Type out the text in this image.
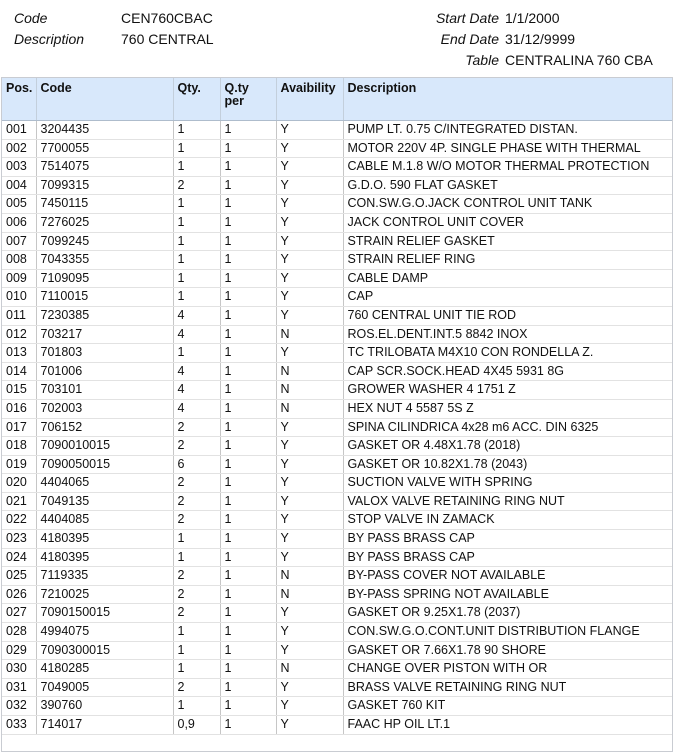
Code	CEN760CBAC
Description	760 CENTRAL
Start Date 1/1/2000
End Date 31/12/9999
Table CENTRALINA 760 CBA
Pos.	Code	Qty.	Q.ty per	Avaibility	Description
001	3204435	1	1	Y	PUMP LT. 0.75 C/INTEGRATED DISTAN.
002	7700055	1	1	Y	MOTOR 220V 4P. SINGLE PHASE WITH THERMAL
003	7514075	1	1	Y	CABLE M.1.8 W/O MOTOR THERMAL PROTECTION
004	7099315	2	1	Y	G.D.O. 590 FLAT GASKET
005	7450115	1	1	Y	CON.SW.G.O.JACK CONTROL UNIT TANK
006	7276025	1	1	Y	JACK CONTROL UNIT COVER
007	7099245	1	1	Y	STRAIN RELIEF GASKET
008	7043355	1	1	Y	STRAIN RELIEF RING
009	7109095	1	1	Y	CABLE DAMP
010	7110015	1	1	Y	CAP
011	7230385	4	1	Y	760 CENTRAL UNIT TIE ROD
012	703217	4	1	N	ROS.EL.DENT.INT.5 8842 INOX
013	701803	1	1	Y	TC TRILOBATA M4X10 CON RONDELLA Z.
014	701006	4	1	N	CAP SCR.SOCK.HEAD 4X45 5931 8G
015	703101	4	1	N	GROWER WASHER 4 1751 Z
016	702003	4	1	N	HEX NUT 4 5587 5S Z
017	706152	2	1	Y	SPINA CILINDRICA 4x28 m6 ACC. DIN 6325
018	7090010015	2	1	Y	GASKET OR 4.48X1.78 (2018)
019	7090050015	6	1	Y	GASKET OR 10.82X1.78 (2043)
020	4404065	2	1	Y	SUCTION VALVE WITH SPRING
021	7049135	2	1	Y	VALOX VALVE RETAINING RING NUT
022	4404085	2	1	Y	STOP VALVE IN ZAMACK
023	4180395	1	1	Y	BY PASS BRASS CAP
024	4180395	1	1	Y	BY PASS BRASS CAP
025	7119335	2	1	N	BY-PASS COVER NOT AVAILABLE
026	7210025	2	1	N	BY-PASS SPRING NOT AVAILABLE
027	7090150015	2	1	Y	GASKET OR 9.25X1.78 (2037)
028	4994075	1	1	Y	CON.SW.G.O.CONT.UNIT DISTRIBUTION FLANGE
029	7090300015	1	1	Y	GASKET OR 7.66X1.78 90 SHORE
030	4180285	1	1	N	CHANGE OVER PISTON WITH OR
031	7049005	2	1	Y	BRASS VALVE RETAINING RING NUT
032	390760	1	1	Y	GASKET 760 KIT
033	714017	0,9	1	Y	FAAC HP OIL LT.1
